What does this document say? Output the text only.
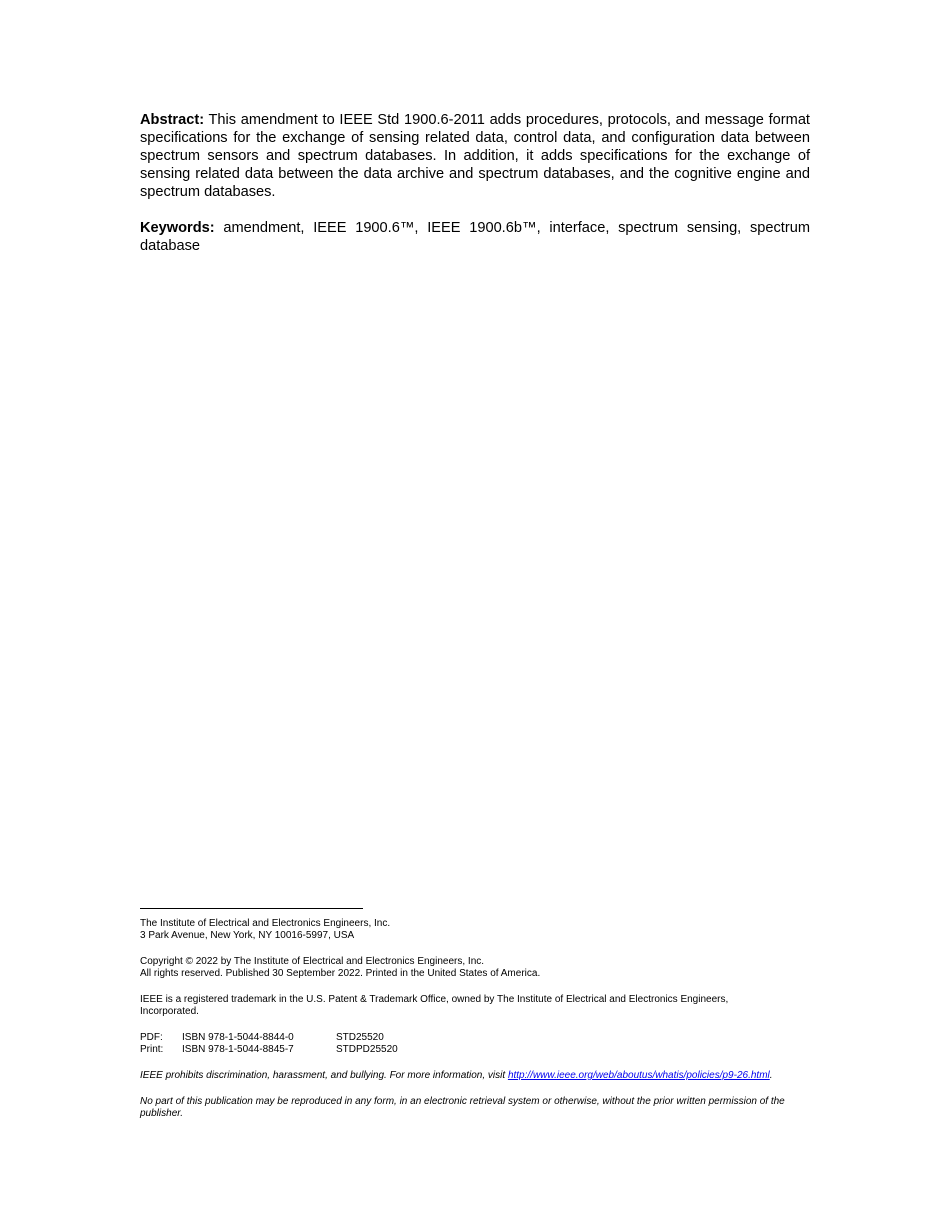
Abstract: This amendment to IEEE Std 1900.6-2011 adds procedures, protocols, and message format specifications for the exchange of sensing related data, control data, and configuration data between spectrum sensors and spectrum databases. In addition, it adds specifications for the exchange of sensing related data between the data archive and spectrum databases, and the cognitive engine and spectrum databases.

Keywords: amendment, IEEE 1900.6™, IEEE 1900.6b™, interface, spectrum sensing, spectrum database

The Institute of Electrical and Electronics Engineers, Inc.
3 Park Avenue, New York, NY 10016-5997, USA

Copyright © 2022 by The Institute of Electrical and Electronics Engineers, Inc.
All rights reserved. Published 30 September 2022. Printed in the United States of America.

IEEE is a registered trademark in the U.S. Patent & Trademark Office, owned by The Institute of Electrical and Electronics Engineers, Incorporated.

PDF:	ISBN 978-1-5044-8844-0	STD25520
Print:	ISBN 978-1-5044-8845-7	STDPD25520

IEEE prohibits discrimination, harassment, and bullying. For more information, visit http://www.ieee.org/web/aboutus/whatis/policies/p9-26.html.

No part of this publication may be reproduced in any form, in an electronic retrieval system or otherwise, without the prior written permission of the publisher.
